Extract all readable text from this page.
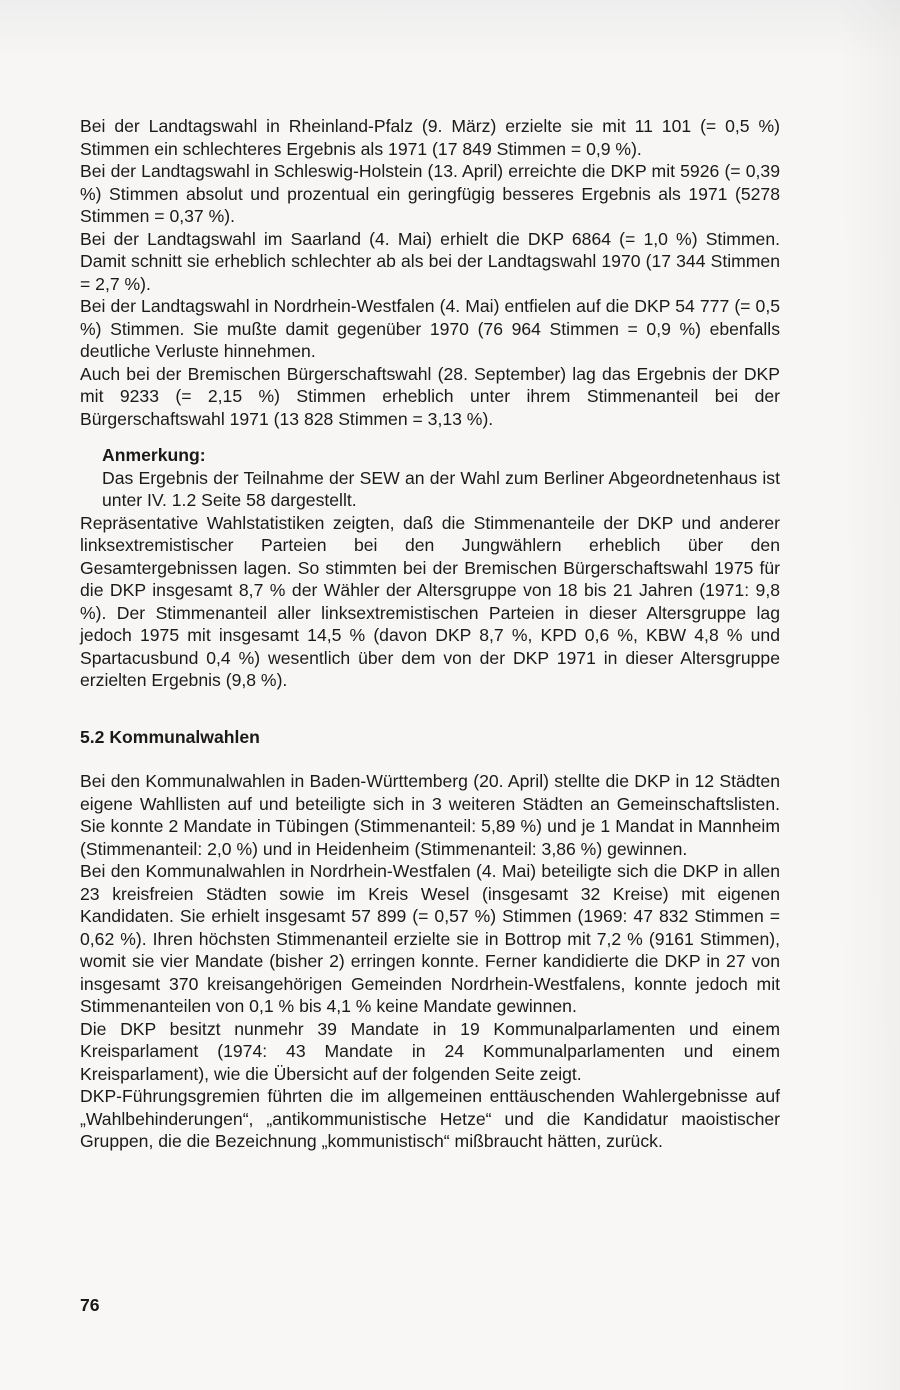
Bei der Landtagswahl in Rheinland-Pfalz (9. März) erzielte sie mit 11 101 (= 0,5 %) Stimmen ein schlechteres Ergebnis als 1971 (17 849 Stimmen = 0,9 %).

Bei der Landtagswahl in Schleswig-Holstein (13. April) erreichte die DKP mit 5926 (= 0,39 %) Stimmen absolut und prozentual ein geringfügig besseres Ergebnis als 1971 (5278 Stimmen = 0,37 %).

Bei der Landtagswahl im Saarland (4. Mai) erhielt die DKP 6864 (= 1,0 %) Stimmen. Damit schnitt sie erheblich schlechter ab als bei der Landtagswahl 1970 (17 344 Stimmen = 2,7 %).

Bei der Landtagswahl in Nordrhein-Westfalen (4. Mai) entfielen auf die DKP 54 777 (= 0,5 %) Stimmen. Sie mußte damit gegenüber 1970 (76 964 Stimmen = 0,9 %) ebenfalls deutliche Verluste hinnehmen.

Auch bei der Bremischen Bürgerschaftswahl (28. September) lag das Ergebnis der DKP mit 9233 (= 2,15 %) Stimmen erheblich unter ihrem Stimmenanteil bei der Bürgerschaftswahl 1971 (13 828 Stimmen = 3,13 %).

Anmerkung:

Das Ergebnis der Teilnahme der SEW an der Wahl zum Berliner Abgeordnetenhaus ist unter IV. 1.2 Seite 58 dargestellt.

Repräsentative Wahlstatistiken zeigten, daß die Stimmenanteile der DKP und anderer linksextremistischer Parteien bei den Jungwählern erheblich über den Gesamtergebnissen lagen. So stimmten bei der Bremischen Bürgerschaftswahl 1975 für die DKP insgesamt 8,7 % der Wähler der Altersgruppe von 18 bis 21 Jahren (1971: 9,8 %). Der Stimmenanteil aller linksextremistischen Parteien in dieser Altersgruppe lag jedoch 1975 mit insgesamt 14,5 % (davon DKP 8,7 %, KPD 0,6 %, KBW 4,8 % und Spartacusbund 0,4 %) wesentlich über dem von der DKP 1971 in dieser Altersgruppe erzielten Ergebnis (9,8 %).

5.2 Kommunalwahlen

Bei den Kommunalwahlen in Baden-Württemberg (20. April) stellte die DKP in 12 Städten eigene Wahllisten auf und beteiligte sich in 3 weiteren Städten an Gemeinschaftslisten. Sie konnte 2 Mandate in Tübingen (Stimmenanteil: 5,89 %) und je 1 Mandat in Mannheim (Stimmenanteil: 2,0 %) und in Heidenheim (Stimmenanteil: 3,86 %) gewinnen.

Bei den Kommunalwahlen in Nordrhein-Westfalen (4. Mai) beteiligte sich die DKP in allen 23 kreisfreien Städten sowie im Kreis Wesel (insgesamt 32 Kreise) mit eigenen Kandidaten. Sie erhielt insgesamt 57 899 (= 0,57 %) Stimmen (1969: 47 832 Stimmen = 0,62 %). Ihren höchsten Stimmenanteil erzielte sie in Bottrop mit 7,2 % (9161 Stimmen), womit sie vier Mandate (bisher 2) erringen konnte. Ferner kandidierte die DKP in 27 von insgesamt 370 kreisangehörigen Gemeinden Nordrhein-Westfalens, konnte jedoch mit Stimmenanteilen von 0,1 % bis 4,1 % keine Mandate gewinnen.

Die DKP besitzt nunmehr 39 Mandate in 19 Kommunalparlamenten und einem Kreisparlament (1974: 43 Mandate in 24 Kommunalparlamenten und einem Kreisparlament), wie die Übersicht auf der folgenden Seite zeigt.

DKP-Führungsgremien führten die im allgemeinen enttäuschenden Wahlergebnisse auf „Wahlbehinderungen“, „antikommunistische Hetze“ und die Kandidatur maoistischer Gruppen, die die Bezeichnung „kommunistisch“ mißbraucht hätten, zurück.

76
